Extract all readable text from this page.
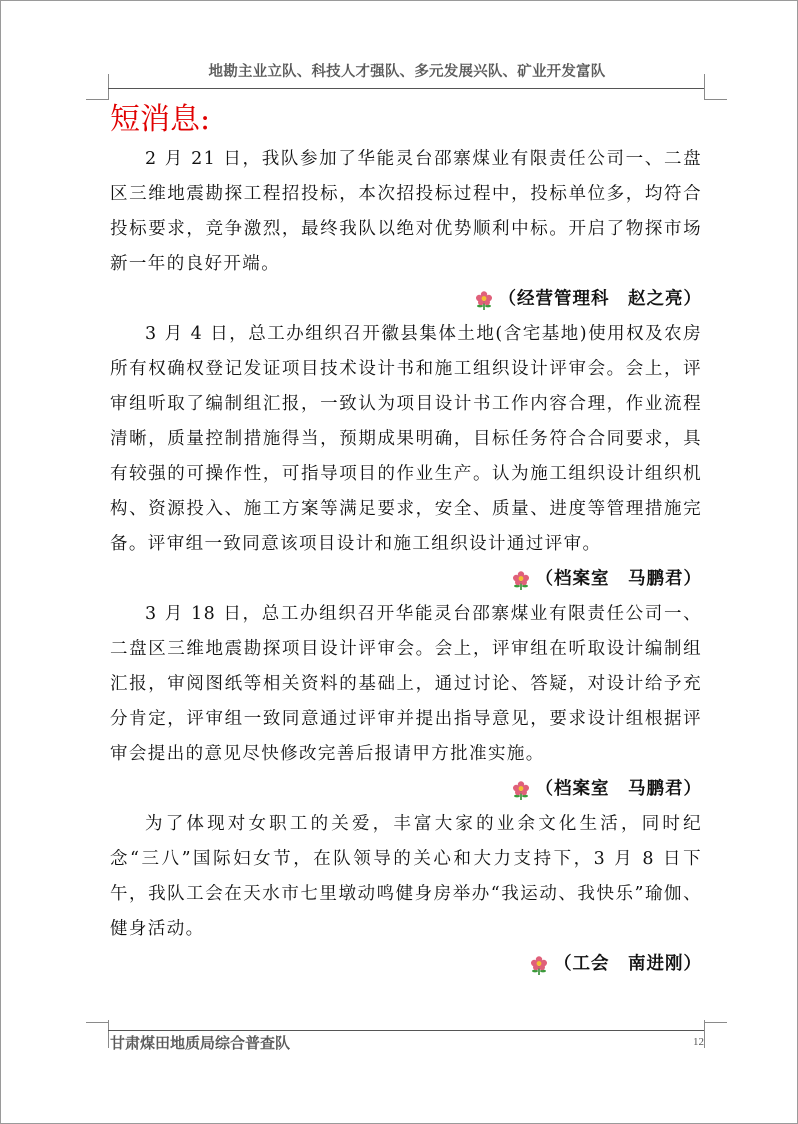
地勘主业立队、科技人才强队、多元发展兴队、矿业开发富队
短消息:

2 月 21 日，我队参加了华能灵台邵寨煤业有限责任公司一、二盘区三维地震勘探工程招投标，本次招投标过程中，投标单位多，均符合投标要求，竞争激烈，最终我队以绝对优势顺利中标。开启了物探市场新一年的良好开端。

（经营管理科　赵之亮）

3 月 4 日，总工办组织召开徽县集体土地(含宅基地)使用权及农房所有权确权登记发证项目技术设计书和施工组织设计评审会。会上，评审组听取了编制组汇报，一致认为项目设计书工作内容合理，作业流程清晰，质量控制措施得当，预期成果明确，目标任务符合合同要求，具有较强的可操作性，可指导项目的作业生产。认为施工组织设计组织机构、资源投入、施工方案等满足要求，安全、质量、进度等管理措施完备。评审组一致同意该项目设计和施工组织设计通过评审。

（档案室　马鹏君）

3 月 18 日，总工办组织召开华能灵台邵寨煤业有限责任公司一、二盘区三维地震勘探项目设计评审会。会上，评审组在听取设计编制组汇报，审阅图纸等相关资料的基础上，通过讨论、答疑，对设计给予充分肯定，评审组一致同意通过评审并提出指导意见，要求设计组根据评审会提出的意见尽快修改完善后报请甲方批准实施。

（档案室　马鹏君）

为了体现对女职工的关爱，丰富大家的业余文化生活，同时纪念“三八”国际妇女节，在队领导的关心和大力支持下，3 月 8 日下午，我队工会在天水市七里墩动鸣健身房举办“我运动、我快乐”瑜伽、健身活动。

（工会　南进刚）
甘肃煤田地质局综合普查队	12
